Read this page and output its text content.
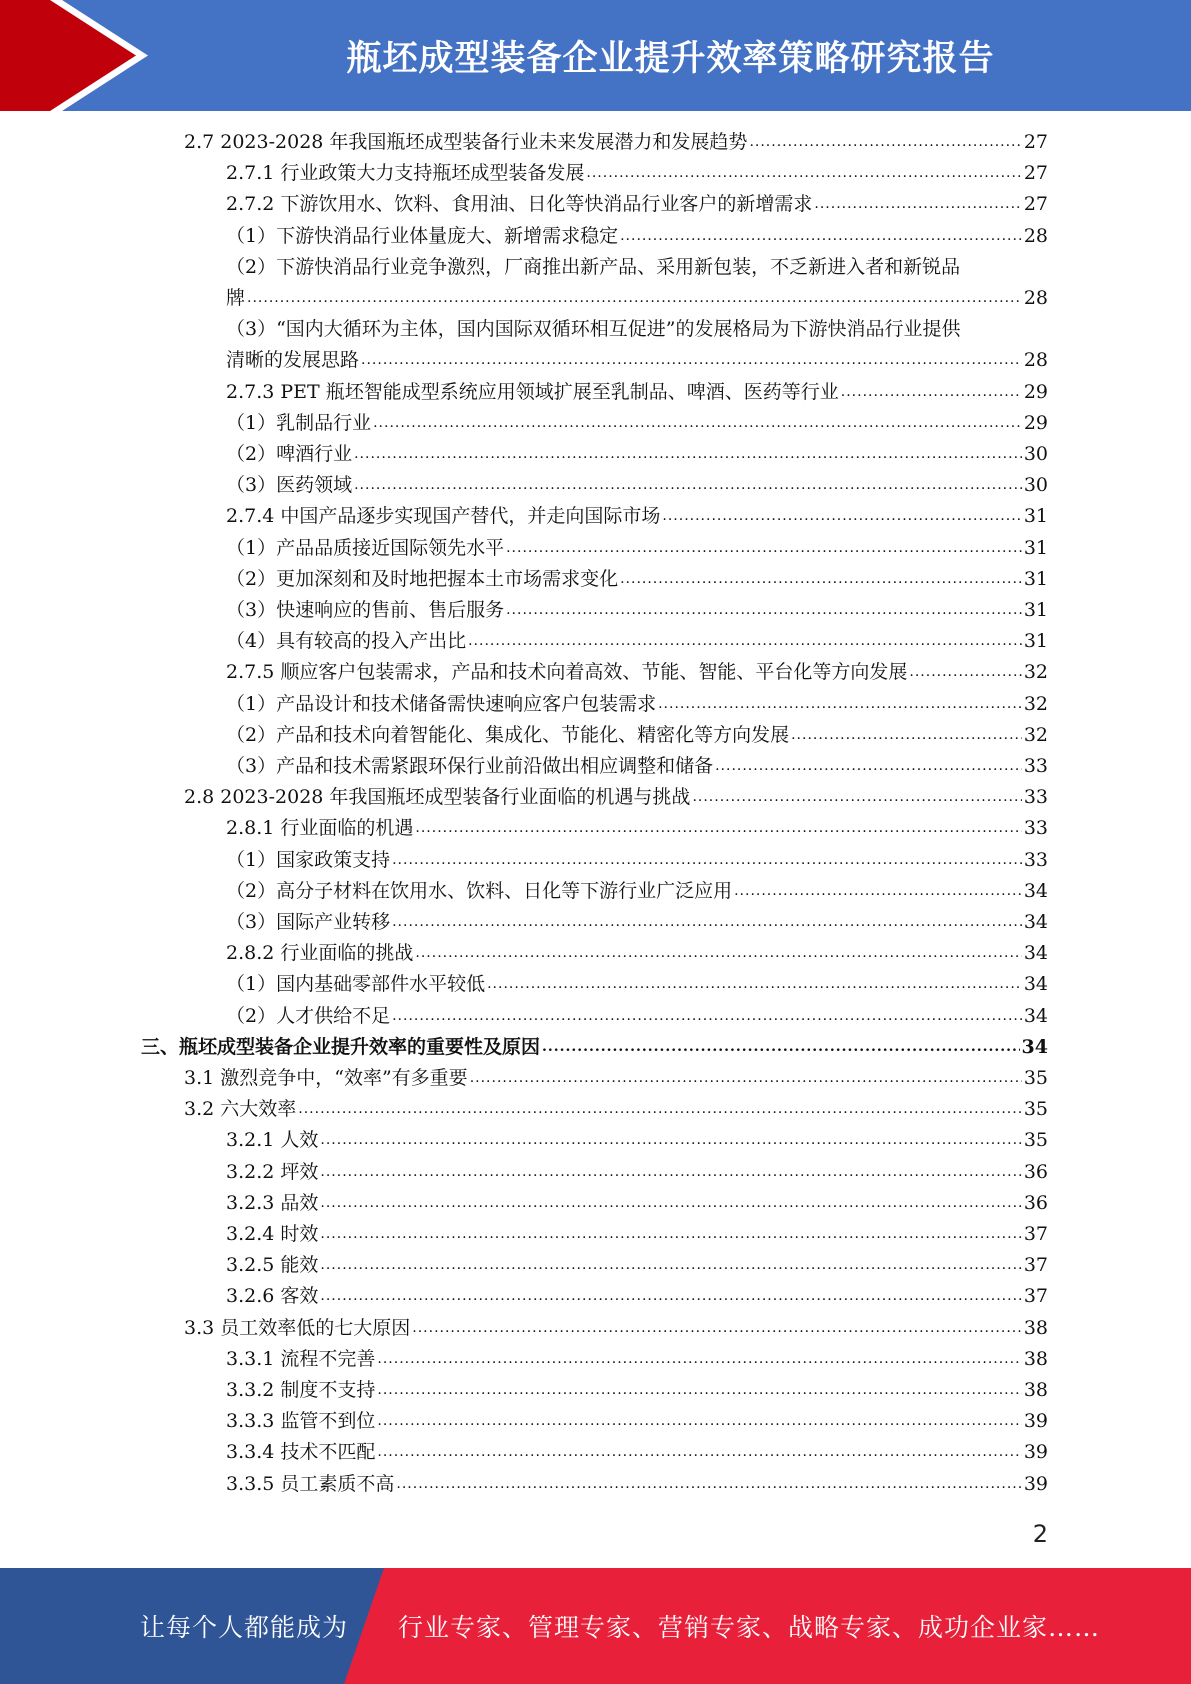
瓶坯成型装备企业提升效率策略研究报告
2.7 2023-2028 年我国瓶坯成型装备行业未来发展潜力和发展趋势 .....	27
2.7.1 行业政策大力支持瓶坯成型装备发展 .....	27
2.7.2 下游饮用水、饮料、食用油、日化等快消品行业客户的新增需求 .....	27
（1）下游快消品行业体量庞大、新增需求稳定 .....	28
（2）下游快消品行业竞争激烈，厂商推出新产品、采用新包装，不乏新进入者和新锐品
牌 .....	28
（3）“国内大循环为主体，国内国际双循环相互促进”的发展格局为下游快消品行业提供
清晰的发展思路 .....	28
2.7.3 PET 瓶坯智能成型系统应用领域扩展至乳制品、啤酒、医药等行业 .....	29
（1）乳制品行业 .....	29
（2）啤酒行业 .....	30
（3）医药领域 .....	30
2.7.4 中国产品逐步实现国产替代，并走向国际市场 .....	31
（1）产品品质接近国际领先水平 .....	31
（2）更加深刻和及时地把握本土市场需求变化 .....	31
（3）快速响应的售前、售后服务 .....	31
（4）具有较高的投入产出比 .....	31
2.7.5 顺应客户包装需求，产品和技术向着高效、节能、智能、平台化等方向发展 .....	32
（1）产品设计和技术储备需快速响应客户包装需求 .....	32
（2）产品和技术向着智能化、集成化、节能化、精密化等方向发展 .....	32
（3）产品和技术需紧跟环保行业前沿做出相应调整和储备 .....	33
2.8 2023-2028 年我国瓶坯成型装备行业面临的机遇与挑战 .....	33
2.8.1 行业面临的机遇 .....	33
（1）国家政策支持 .....	33
（2）高分子材料在饮用水、饮料、日化等下游行业广泛应用 .....	34
（3）国际产业转移 .....	34
2.8.2 行业面临的挑战 .....	34
（1）国内基础零部件水平较低 .....	34
（2）人才供给不足 .....	34
三、瓶坯成型装备企业提升效率的重要性及原因 .....	34
3.1 激烈竞争中，“效率”有多重要 .....	35
3.2 六大效率 .....	35
3.2.1 人效 .....	35
3.2.2 坪效 .....	36
3.2.3 品效 .....	36
3.2.4 时效 .....	37
3.2.5 能效 .....	37
3.2.6 客效 .....	37
3.3 员工效率低的七大原因 .....	38
3.3.1 流程不完善 .....	38
3.3.2 制度不支持 .....	38
3.3.3 监管不到位 .....	39
3.3.4 技术不匹配 .....	39
3.3.5 员工素质不高 .....	39
2
让每个人都能成为 行业专家、管理专家、营销专家、战略专家、成功企业家……
